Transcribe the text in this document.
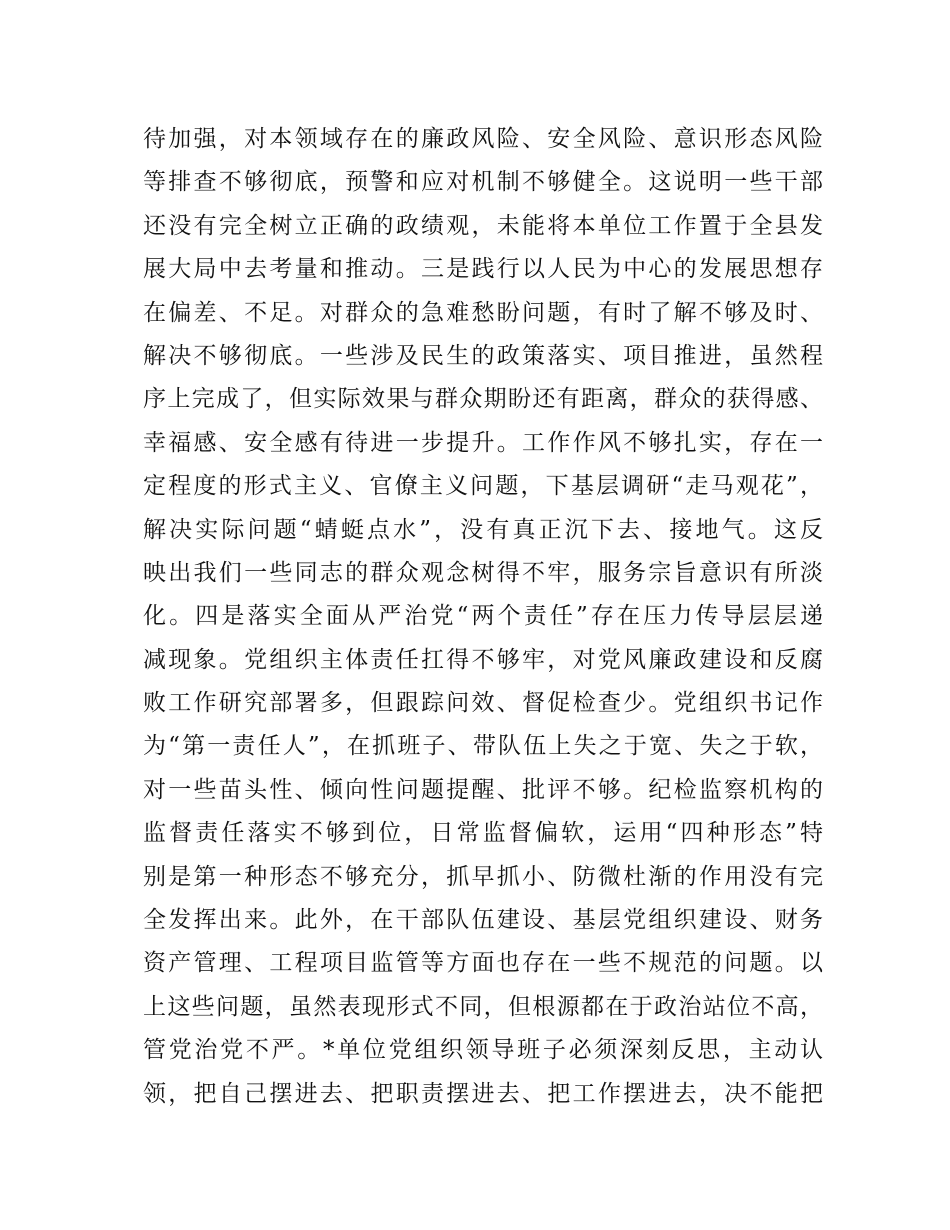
待加强，对本领域存在的廉政风险、安全风险、意识形态风险
等排查不够彻底，预警和应对机制不够健全。这说明一些干部
还没有完全树立正确的政绩观，未能将本单位工作置于全县发
展大局中去考量和推动。三是践行以人民为中心的发展思想存
在偏差、不足。对群众的急难愁盼问题，有时了解不够及时、
解决不够彻底。一些涉及民生的政策落实、项目推进，虽然程
序上完成了，但实际效果与群众期盼还有距离，群众的获得感、
幸福感、安全感有待进一步提升。工作作风不够扎实，存在一
定程度的形式主义、官僚主义问题，下基层调研“走马观花”，
解决实际问题“蜻蜓点水”，没有真正沉下去、接地气。这反
映出我们一些同志的群众观念树得不牢，服务宗旨意识有所淡
化。四是落实全面从严治党“两个责任”存在压力传导层层递
减现象。党组织主体责任扛得不够牢，对党风廉政建设和反腐
败工作研究部署多，但跟踪问效、督促检查少。党组织书记作
为“第一责任人”，在抓班子、带队伍上失之于宽、失之于软，
对一些苗头性、倾向性问题提醒、批评不够。纪检监察机构的
监督责任落实不够到位，日常监督偏软，运用“四种形态”特
别是第一种形态不够充分，抓早抓小、防微杜渐的作用没有完
全发挥出来。此外，在干部队伍建设、基层党组织建设、财务
资产管理、工程项目监管等方面也存在一些不规范的问题。以
上这些问题，虽然表现形式不同，但根源都在于政治站位不高，
管党治党不严。*单位党组织领导班子必须深刻反思，主动认
领，把自己摆进去、把职责摆进去、把工作摆进去，决不能把
